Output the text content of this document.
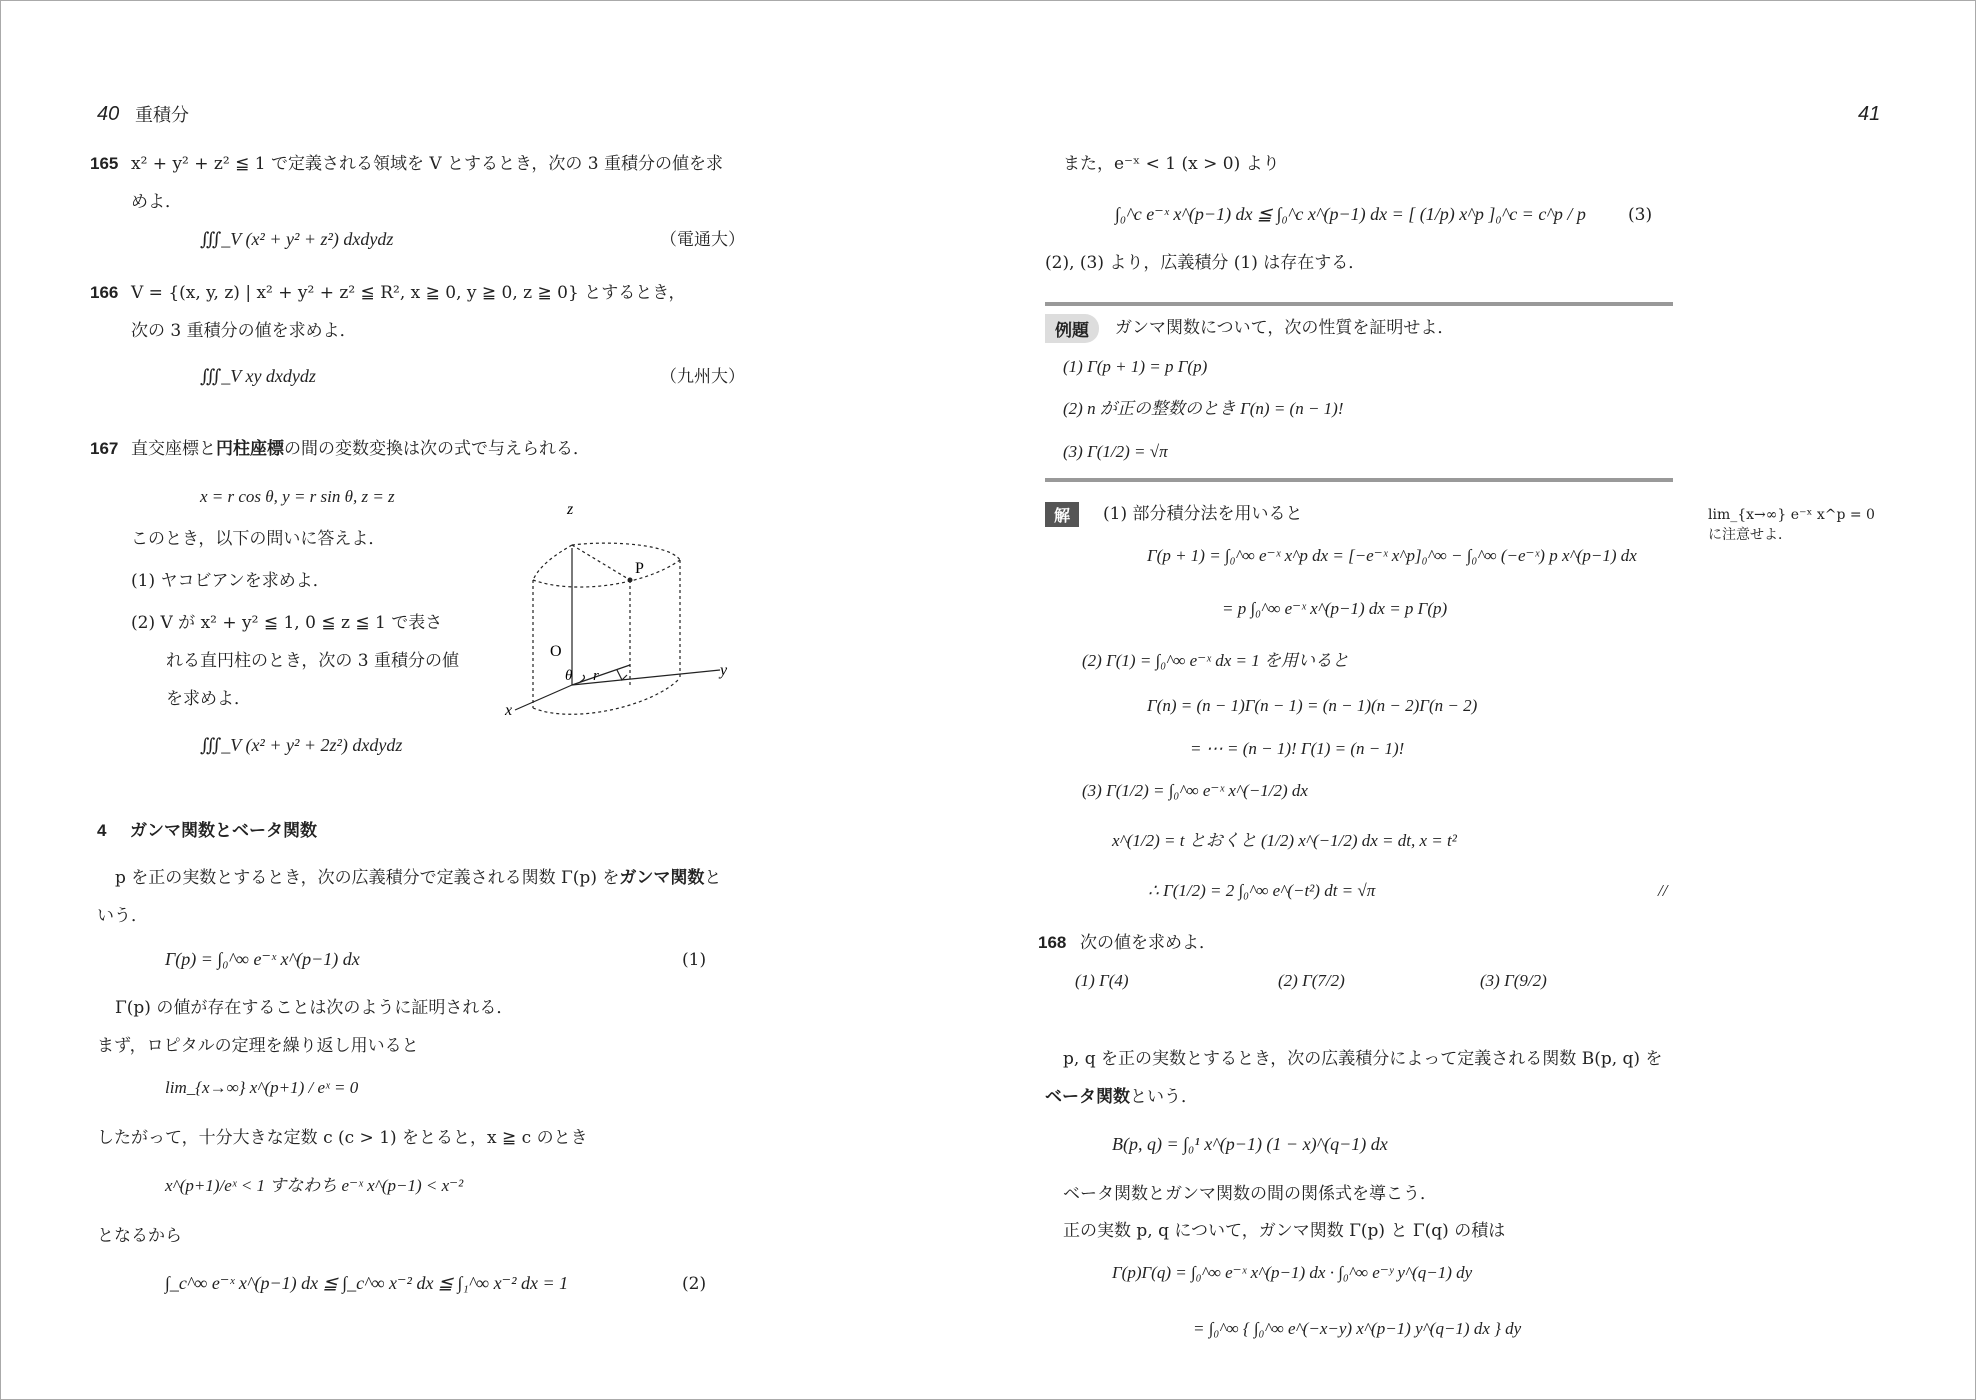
40 重積分
165 x² + y² + z² ≦ 1 で定義される領域を V とするとき，次の 3 重積分の値を求
めよ．
∭_V (x² + y² + z²) dxdydz	（電通大）
166 V = {(x, y, z) | x² + y² + z² ≦ R², x ≧ 0, y ≧ 0, z ≧ 0} とするとき，
次の 3 重積分の値を求めよ．
∭_V xy dxdydz	（九州大）
167 直交座標と円柱座標の間の変数変換は次の式で与えられる．
x = r cos θ, y = r sin θ, z = z
このとき，以下の問いに答えよ．
(1) ヤコビアンを求めよ．
(2) V が x² + y² ≦ 1, 0 ≦ z ≦ 1 で表さ
れる直円柱のとき，次の 3 重積分の値
を求めよ．
∭_V (x² + y² + 2z²) dxdydz
z
y
x
O
P
θ r
4 ガンマ関数とベータ関数
p を正の実数とするとき，次の広義積分で定義される関数 Γ(p) をガンマ関数と
いう．
Γ(p) = ∫₀^∞ e⁻ˣ x^(p−1) dx	(1)
Γ(p) の値が存在することは次のように証明される．
まず，ロピタルの定理を繰り返し用いると
lim_{x→∞} x^(p+1) / eˣ = 0
したがって，十分大きな定数 c (c > 1) をとると，x ≧ c のとき
x^(p+1)/eˣ < 1 すなわち e⁻ˣ x^(p−1) < x⁻²
となるから
∫_c^∞ e⁻ˣ x^(p−1) dx ≦ ∫_c^∞ x⁻² dx ≦ ∫₁^∞ x⁻² dx = 1	(2)
41
また，e⁻ˣ < 1 (x > 0) より
∫₀^c e⁻ˣ x^(p−1) dx ≦ ∫₀^c x^(p−1) dx = [ (1/p) x^p ]₀^c = c^p / p (3)
(2), (3) より，広義積分 (1) は存在する．
例題	ガンマ関数について，次の性質を証明せよ．
(1) Γ(p + 1) = p Γ(p)
(2) n が正の整数のとき Γ(n) = (n − 1)!
(3) Γ(1/2) = √π
解	(1) 部分積分法を用いると
Γ(p + 1) = ∫₀^∞ e⁻ˣ x^p dx = [−e⁻ˣ x^p]₀^∞ − ∫₀^∞ (−e⁻ˣ) p x^(p−1) dx
= p ∫₀^∞ e⁻ˣ x^(p−1) dx = p Γ(p)
lim_{x→∞} e⁻ˣ x^p = 0 に注意せよ．
(2) Γ(1) = ∫₀^∞ e⁻ˣ dx = 1 を用いると
Γ(n) = (n − 1)Γ(n − 1) = (n − 1)(n − 2)Γ(n − 2)
= ⋯ = (n − 1)! Γ(1) = (n − 1)!
(3) Γ(1/2) = ∫₀^∞ e⁻ˣ x^(−1/2) dx
x^(1/2) = t とおくと (1/2) x^(−1/2) dx = dt, x = t²
∴ Γ(1/2) = 2 ∫₀^∞ e^(−t²) dt = √π	//
168 次の値を求めよ．
(1) Γ(4)	(2) Γ(7/2)	(3) Γ(9/2)
p, q を正の実数とするとき，次の広義積分によって定義される関数 B(p, q) を
ベータ関数という．
B(p, q) = ∫₀¹ x^(p−1) (1 − x)^(q−1) dx
ベータ関数とガンマ関数の間の関係式を導こう．
正の実数 p, q について，ガンマ関数 Γ(p) と Γ(q) の積は
Γ(p)Γ(q) = ∫₀^∞ e⁻ˣ x^(p−1) dx · ∫₀^∞ e⁻ʸ y^(q−1) dy
= ∫₀^∞ { ∫₀^∞ e^(−x−y) x^(p−1) y^(q−1) dx } dy
